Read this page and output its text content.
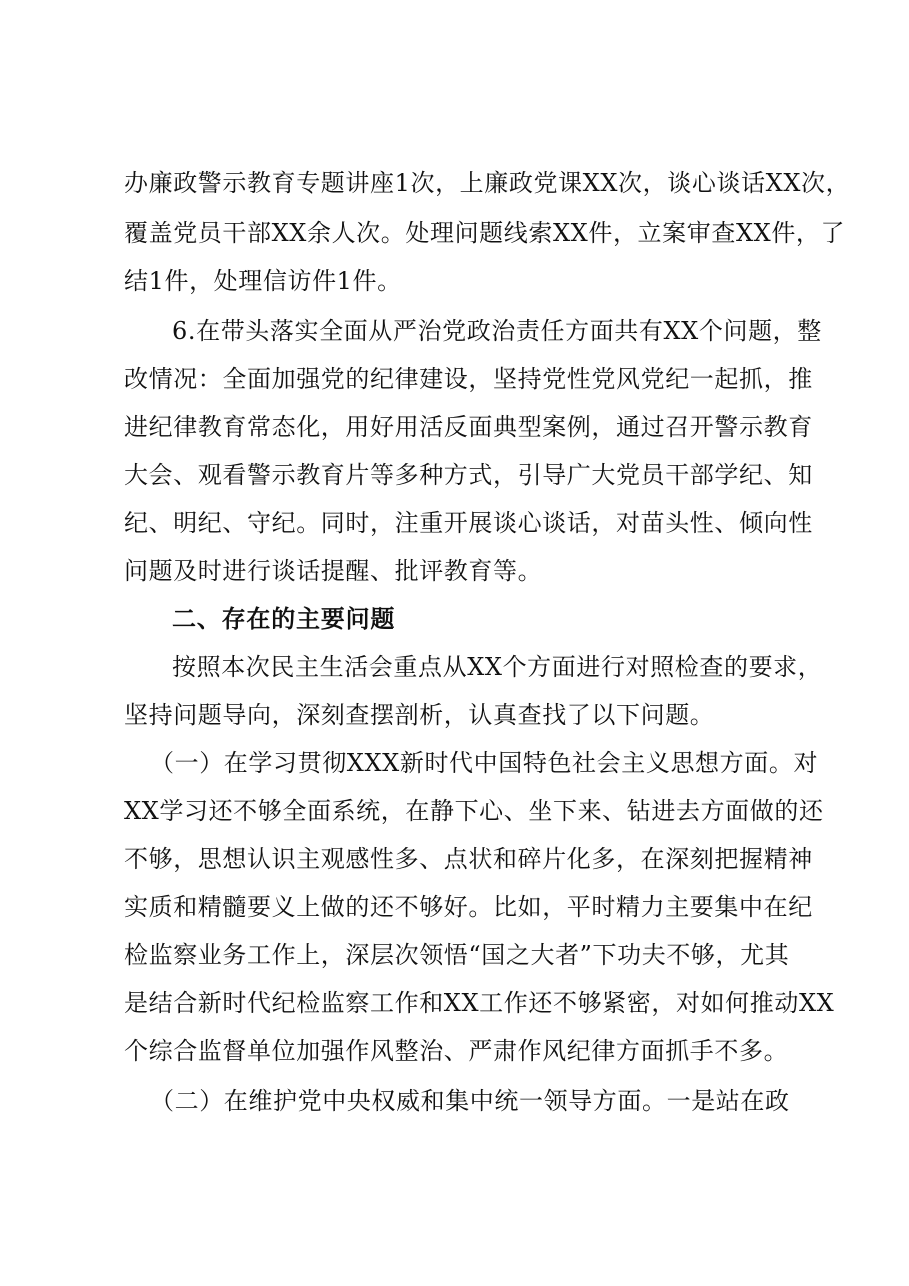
办廉政警示教育专题讲座1次，上廉政党课XX次，谈心谈话XX次，
覆盖党员干部XX余人次。处理问题线索XX件，立案审查XX件，了
结1件，处理信访件1件。
6.在带头落实全面从严治党政治责任方面共有XX个问题，整
改情况：全面加强党的纪律建设，坚持党性党风党纪一起抓，推
进纪律教育常态化，用好用活反面典型案例，通过召开警示教育
大会、观看警示教育片等多种方式，引导广大党员干部学纪、知
纪、明纪、守纪。同时，注重开展谈心谈话，对苗头性、倾向性
问题及时进行谈话提醒、批评教育等。
二、存在的主要问题
按照本次民主生活会重点从XX个方面进行对照检查的要求，
坚持问题导向，深刻查摆剖析，认真查找了以下问题。
（一）在学习贯彻XXX新时代中国特色社会主义思想方面。对
XX学习还不够全面系统，在静下心、坐下来、钻进去方面做的还
不够，思想认识主观感性多、点状和碎片化多，在深刻把握精神
实质和精髓要义上做的还不够好。比如，平时精力主要集中在纪
检监察业务工作上，深层次领悟“国之大者”下功夫不够，尤其
是结合新时代纪检监察工作和XX工作还不够紧密，对如何推动XX
个综合监督单位加强作风整治、严肃作风纪律方面抓手不多。
（二）在维护党中央权威和集中统一领导方面。一是站在政
